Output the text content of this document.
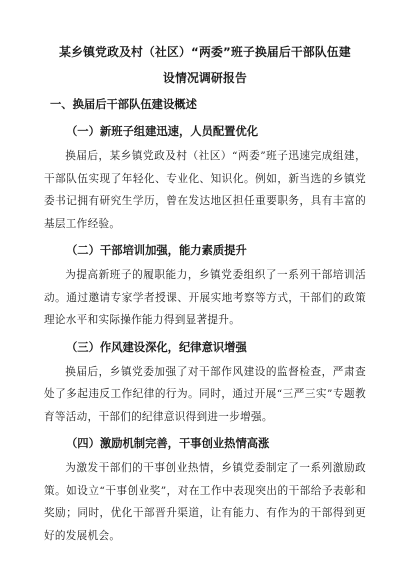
某乡镇党政及村（社区）“两委”班子换届后干部队伍建
设情况调研报告
一、换届后干部队伍建设概述
（一）新班子组建迅速，人员配置优化

换届后，某乡镇党政及村（社区）“两委”班子迅速完成组建，干部队伍实现了年轻化、专业化、知识化。例如，新当选的乡镇党委书记拥有研究生学历，曾在发达地区担任重要职务，具有丰富的基层工作经验。

（二）干部培训加强，能力素质提升

为提高新班子的履职能力，乡镇党委组织了一系列干部培训活动。通过邀请专家学者授课、开展实地考察等方式，干部们的政策理论水平和实际操作能力得到显著提升。

（三）作风建设深化，纪律意识增强

换届后，乡镇党委加强了对干部作风建设的监督检查，严肃查处了多起违反工作纪律的行为。同时，通过开展“三严三实”专题教育等活动，干部们的纪律意识得到进一步增强。

（四）激励机制完善，干事创业热情高涨

为激发干部们的干事创业热情，乡镇党委制定了一系列激励政策。如设立“干事创业奖”，对在工作中表现突出的干部给予表彰和奖励；同时，优化干部晋升渠道，让有能力、有作为的干部得到更好的发展机会。
